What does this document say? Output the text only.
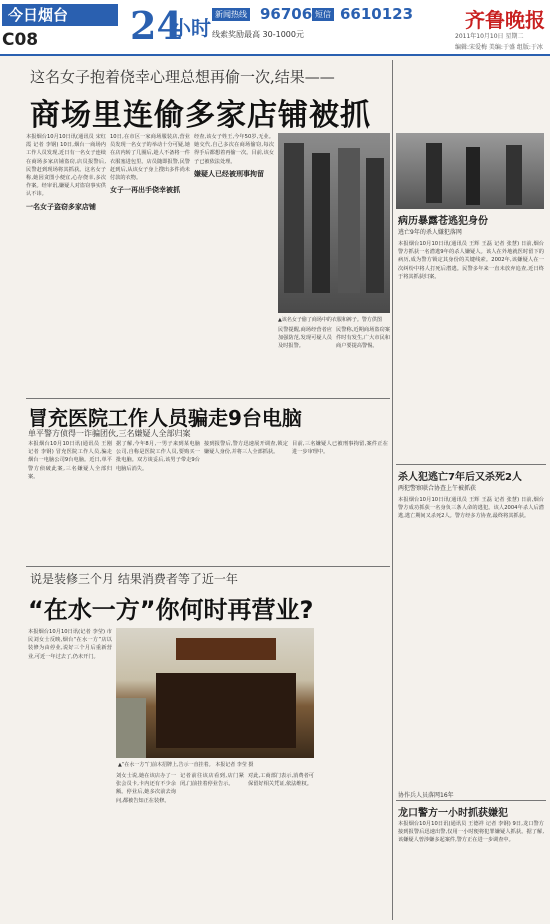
今日烟台
C08 24
小时
新闻热线 96706 短信 6610123
线索奖励最高 30-1000元
齐鲁晚报
2011年10月10日 星期二
编辑:宋爱梅 美编:于盛 组版:于冰
这名女子抱着侥幸心理总想再偷一次,结果——
商场里连偷多家店铺被抓
本报烟台10月10日讯(通讯员 宋红霞 记者 李钢) 10日,烟台一商场内工作人员发现,近日有一名女子连续在商场多家店铺盗窃,店员报警后,民警赶到现场将其抓获。这名女子称,她因贪图小便宜,心存侥幸,多次作案。经审讯,嫌疑人对盗窃事实供认不讳。
一名女子盗窃多家店铺
10日,在市区一家商场服装店,营业员发现一名女子的举动十分可疑,她在店内转了几圈后,趁人不备将一件衣服塞进包里。店员随即报警,民警赶到后,从该女子身上搜出多件尚未付款的衣物。
女子一再出手侥幸被抓
经查,该女子姓王,今年50岁,无业。她交代,自己多次在商场偷窃,每次得手后都想着再偷一次。目前,该女子已被依法处理。
嫌疑人已经被刑事拘留
▲该名女子偷了商场中的衣服和裤子。警方供图
民警提醒,商场经营者应加强防范,发现可疑人员及时报警。
民警称,近期商场盗窃案件时有发生,广大市民和商户要提高警惕。
病历暴露苍逃犯身份
逃亡9年的杀人嫌犯落网
本报烟台10月10日讯(通讯员 王辉 王磊 记者 张慧) 日前,烟台警方抓获一名潜逃9年的杀人嫌疑人。该人在外地就医时留下的病历,成为警方锁定其身份的关键线索。2002年,该嫌疑人在一次纠纷中将人打死后潜逃。民警多年来一直未放弃追查,近日终于将其抓获归案。
杀人犯逃亡7年后又杀死2人
两犯警察联合协查上午被抓获
本报烟台10月10日讯(通讯员 王辉 王磊 记者 张慧) 日前,烟台警方成功抓获一名身负三条人命的逃犯。该人2004年杀人后潜逃,逃亡期间又杀死2人。警方经多方协查,最终将其抓获。
协作兵人员落网16年
龙口警方一小时抓获嫌犯
本报烟台10月10日讯(通讯员 王德祥 记者 李钢) 9日,龙口警方接到报警后迅速出警,仅用一小时便将犯罪嫌疑人抓获。据了解,该嫌疑人曾涉嫌多起案件,警方正在进一步调查中。
冒充医院工作人员骗走9台电脑
单平警方侦得一诈骗团伙,三名嫌疑人全部归案
本报烟台10月10日讯(通讯员 王刚 记者 李钢) 冒充医院工作人员,骗走烟台一电脑公司9台电脑。近日,单平警方侦破此案,三名嫌疑人全部归案。
据了解,今年8月,一男子来到某电脑公司,自称是医院工作人员,要购买一批电脑。双方谈妥后,该男子带走9台电脑后消失。
接到报警后,警方迅速展开调查,锁定嫌疑人身份,并将三人全部抓获。
目前,三名嫌疑人已被刑事拘留,案件正在进一步审理中。
说是装修三个月 结果消费者等了近一年
“在水一方”你何时再营业?
本报烟台10月10日讯(记者 李莹) 市民刘女士反映,烟台“在水一方”店以装修为由停业,说好三个月后重新营业,可近一年过去了,仍未开门。
▲“在水一方”门前木招牌上,告示一直挂着。 本报记者 李莹 摄
刘女士说,她在该店办了一张会员卡,卡内还有不少余额。停业后,她多次前去询问,都被告知正在装修。
记者前往该店看到,店门紧闭,门前挂着停业告示。
对此,工商部门表示,消费者可保留好相关凭证,依法维权。
